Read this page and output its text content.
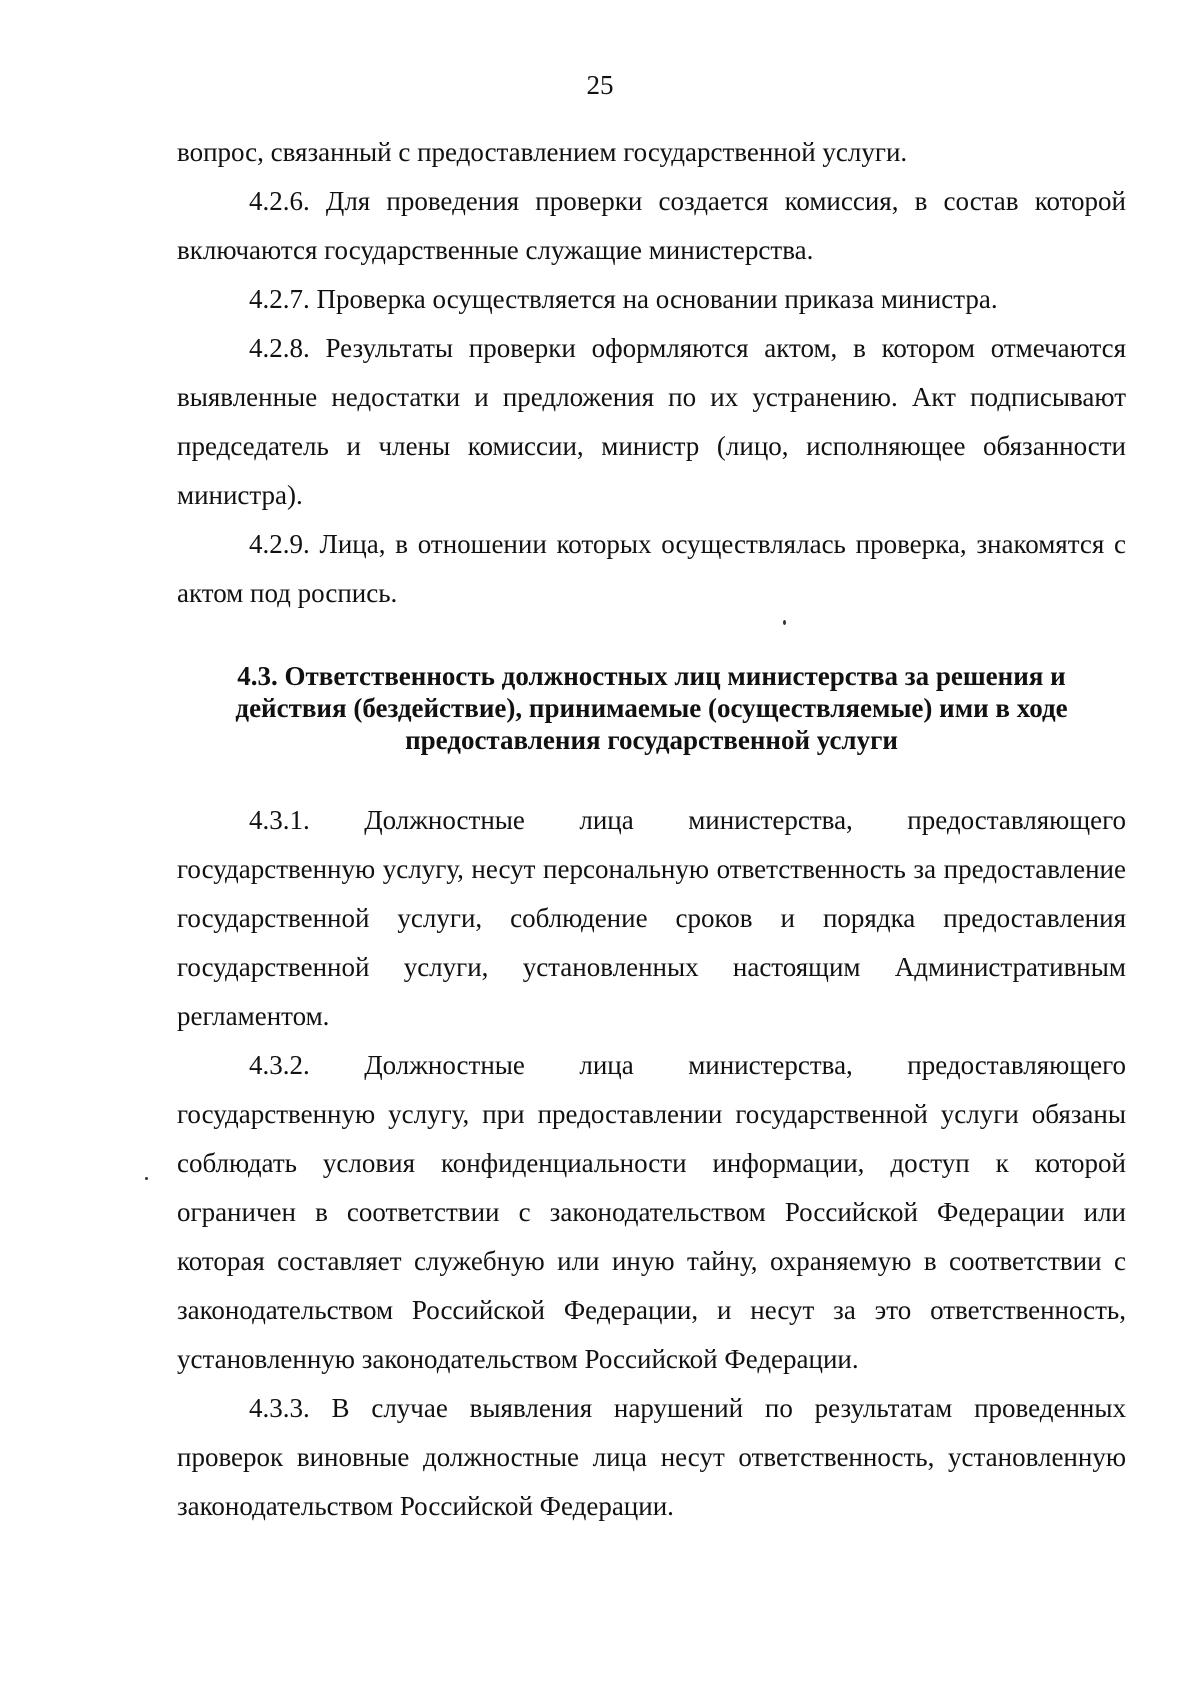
25

вопрос, связанный с предоставлением государственной услуги.

4.2.6. Для проведения проверки создается комиссия, в состав которой включаются государственные служащие министерства.

4.2.7. Проверка осуществляется на основании приказа министра.

4.2.8. Результаты проверки оформляются актом, в котором отмечаются выявленные недостатки и предложения по их устранению. Акт подписывают председатель и члены комиссии, министр (лицо, исполняющее обязанности министра).

4.2.9. Лица, в отношении которых осуществлялась проверка, знакомятся с актом под роспись.

4.3. Ответственность должностных лиц министерства за решения и действия (бездействие), принимаемые (осуществляемые) ими в ходе предоставления государственной услуги

4.3.1. Должностные лица министерства, предоставляющего государственную услугу, несут персональную ответственность за предоставление государственной услуги, соблюдение сроков и порядка предоставления государственной услуги, установленных настоящим Административным регламентом.

4.3.2. Должностные лица министерства, предоставляющего государственную услугу, при предоставлении государственной услуги обязаны соблюдать условия конфиденциальности информации, доступ к которой ограничен в соответствии с законодательством Российской Федерации или которая составляет служебную или иную тайну, охраняемую в соответствии с законодательством Российской Федерации, и несут за это ответственность, установленную законодательством Российской Федерации.

4.3.3. В случае выявления нарушений по результатам проведенных проверок виновные должностные лица несут ответственность, установленную законодательством Российской Федерации.
